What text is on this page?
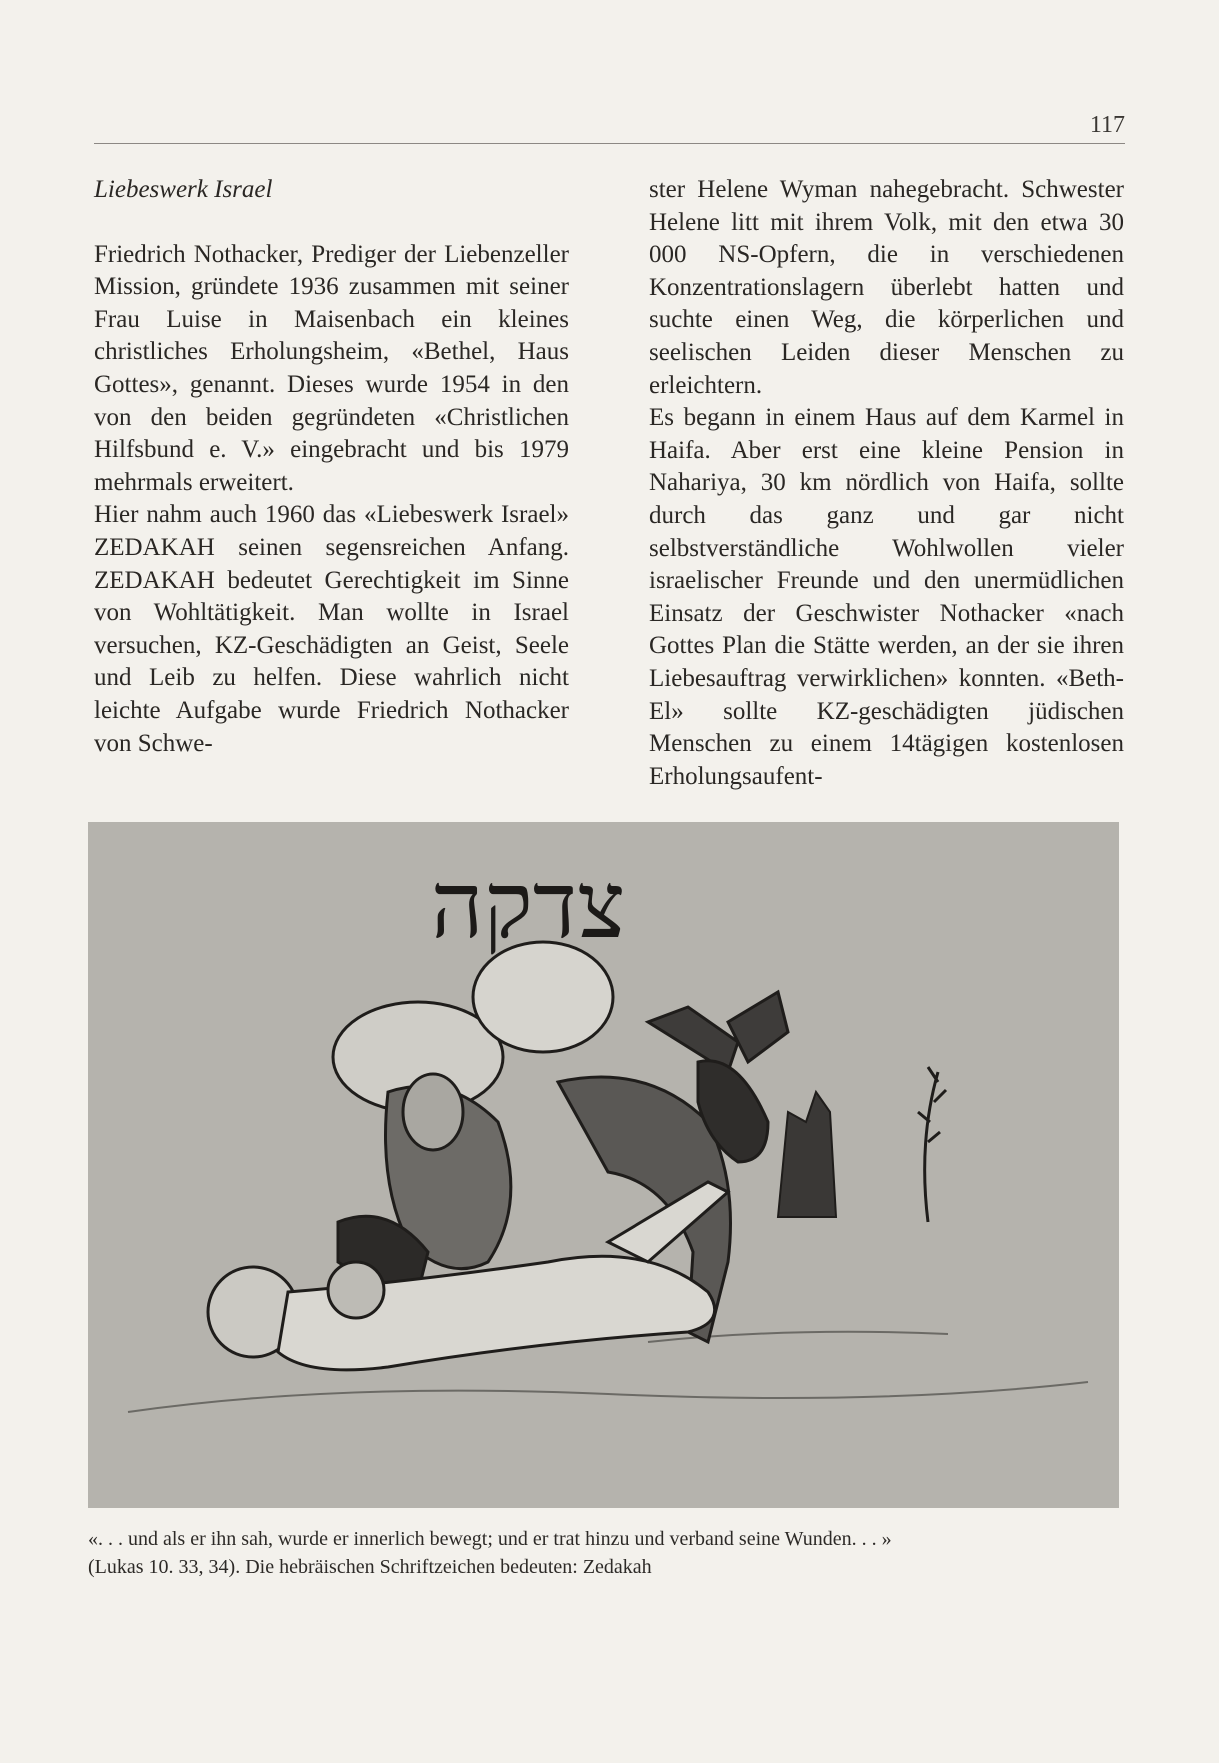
117
Liebeswerk Israel

Friedrich Nothacker, Prediger der Liebenzeller Mission, gründete 1936 zusammen mit seiner Frau Luise in Maisenbach ein kleines christliches Erholungsheim, «Bethel, Haus Gottes», genannt. Dieses wurde 1954 in den von den beiden gegründeten «Christlichen Hilfsbund e. V.» eingebracht und bis 1979 mehrmals erweitert.

Hier nahm auch 1960 das «Liebeswerk Israel» ZEDAKAH seinen segensreichen Anfang. ZEDAKAH bedeutet Gerechtigkeit im Sinne von Wohltätigkeit. Man wollte in Israel versuchen, KZ-Geschädigten an Geist, Seele und Leib zu helfen. Diese wahrlich nicht leichte Aufgabe wurde Friedrich Nothacker von Schwe-

ster Helene Wyman nahegebracht. Schwester Helene litt mit ihrem Volk, mit den etwa 30 000 NS-Opfern, die in verschiedenen Konzentrationslagern überlebt hatten und suchte einen Weg, die körperlichen und seelischen Leiden dieser Menschen zu erleichtern.

Es begann in einem Haus auf dem Karmel in Haifa. Aber erst eine kleine Pension in Nahariya, 30 km nördlich von Haifa, sollte durch das ganz und gar nicht selbstverständliche Wohlwollen vieler israelischer Freunde und den unermüdlichen Einsatz der Geschwister Nothacker «nach Gottes Plan die Stätte werden, an der sie ihren Liebesauftrag verwirklichen» konnten. «Beth-El» sollte KZ-geschädigten jüdischen Menschen zu einem 14tägigen kostenlosen Erholungsaufent-

צדקה
«. . . und als er ihn sah, wurde er innerlich bewegt; und er trat hinzu und verband seine Wunden. . . »
(Lukas 10. 33, 34). Die hebräischen Schriftzeichen bedeuten: Zedakah
